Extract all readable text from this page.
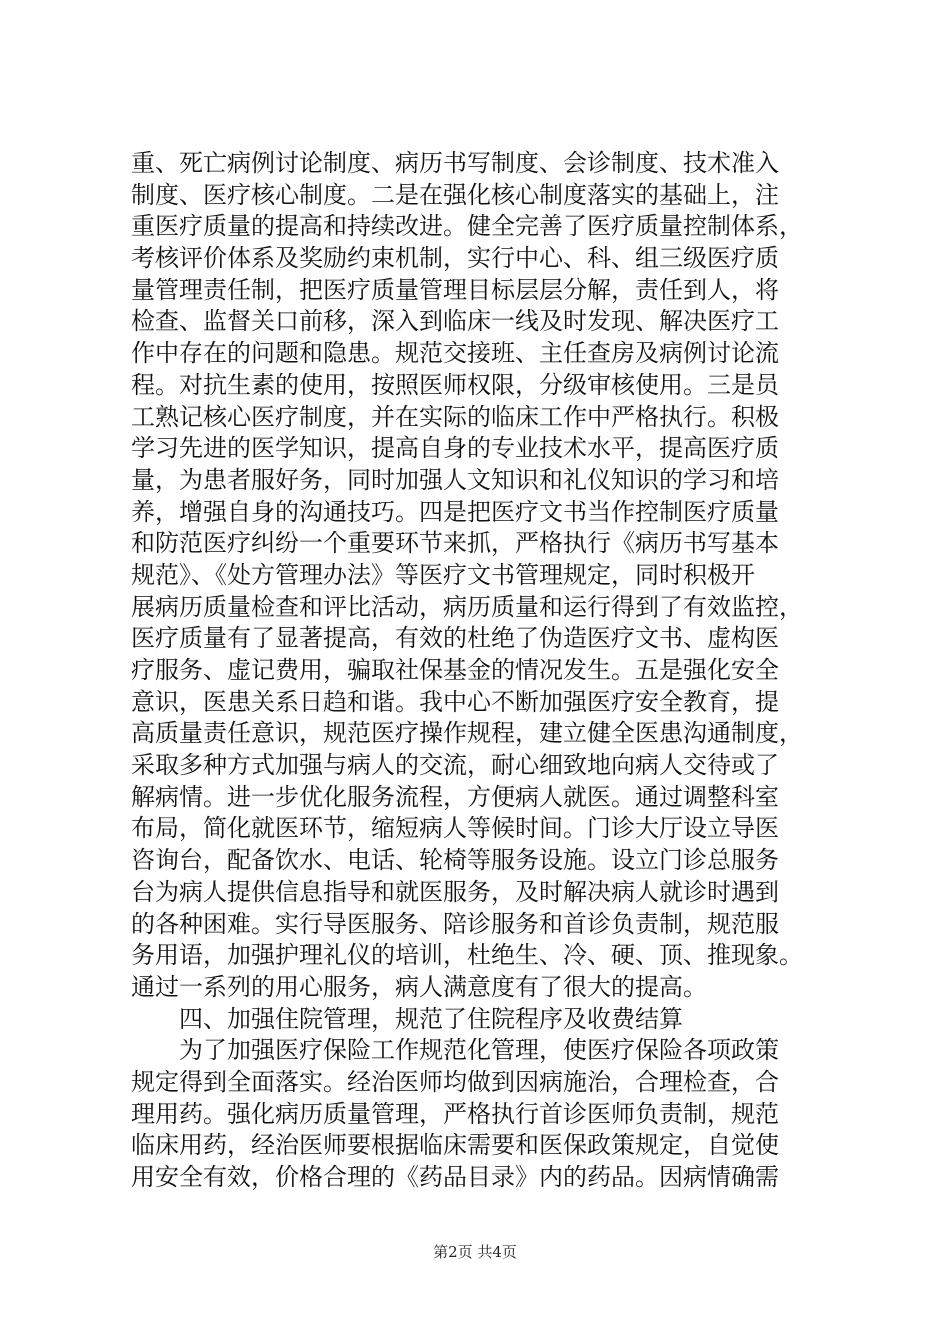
重、死亡病例讨论制度、病历书写制度、会诊制度、技术准入
制度、医疗核心制度。二是在强化核心制度落实的基础上，注
重医疗质量的提高和持续改进。健全完善了医疗质量控制体系，
考核评价体系及奖励约束机制，实行中心、科、组三级医疗质
量管理责任制，把医疗质量管理目标层层分解，责任到人，将
检查、监督关口前移，深入到临床一线及时发现、解决医疗工
作中存在的问题和隐患。规范交接班、主任查房及病例讨论流
程。对抗生素的使用，按照医师权限，分级审核使用。三是员
工熟记核心医疗制度，并在实际的临床工作中严格执行。积极
学习先进的医学知识，提高自身的专业技术水平，提高医疗质
量，为患者服好务，同时加强人文知识和礼仪知识的学习和培
养，增强自身的沟通技巧。四是把医疗文书当作控制医疗质量
和防范医疗纠纷一个重要环节来抓，严格执行《病历书写基本
规范》、《处方管理办法》等医疗文书管理规定，同时积极开
展病历质量检查和评比活动，病历质量和运行得到了有效监控，
医疗质量有了显著提高，有效的杜绝了伪造医疗文书、虚构医
疗服务、虚记费用，骗取社保基金的情况发生。五是强化安全
意识，医患关系日趋和谐。我中心不断加强医疗安全教育，提
高质量责任意识，规范医疗操作规程，建立健全医患沟通制度，
采取多种方式加强与病人的交流，耐心细致地向病人交待或了
解病情。进一步优化服务流程，方便病人就医。通过调整科室
布局，简化就医环节，缩短病人等候时间。门诊大厅设立导医
咨询台，配备饮水、电话、轮椅等服务设施。设立门诊总服务
台为病人提供信息指导和就医服务，及时解决病人就诊时遇到
的各种困难。实行导医服务、陪诊服务和首诊负责制，规范服
务用语，加强护理礼仪的培训，杜绝生、冷、硬、顶、推现象。
通过一系列的用心服务，病人满意度有了很大的提高。
　　四、加强住院管理，规范了住院程序及收费结算
　　为了加强医疗保险工作规范化管理，使医疗保险各项政策
规定得到全面落实。经治医师均做到因病施治，合理检查，合
理用药。强化病历质量管理，严格执行首诊医师负责制，规范
临床用药，经治医师要根据临床需要和医保政策规定，自觉使
用安全有效，价格合理的《药品目录》内的药品。因病情确需
第2页 共4页
